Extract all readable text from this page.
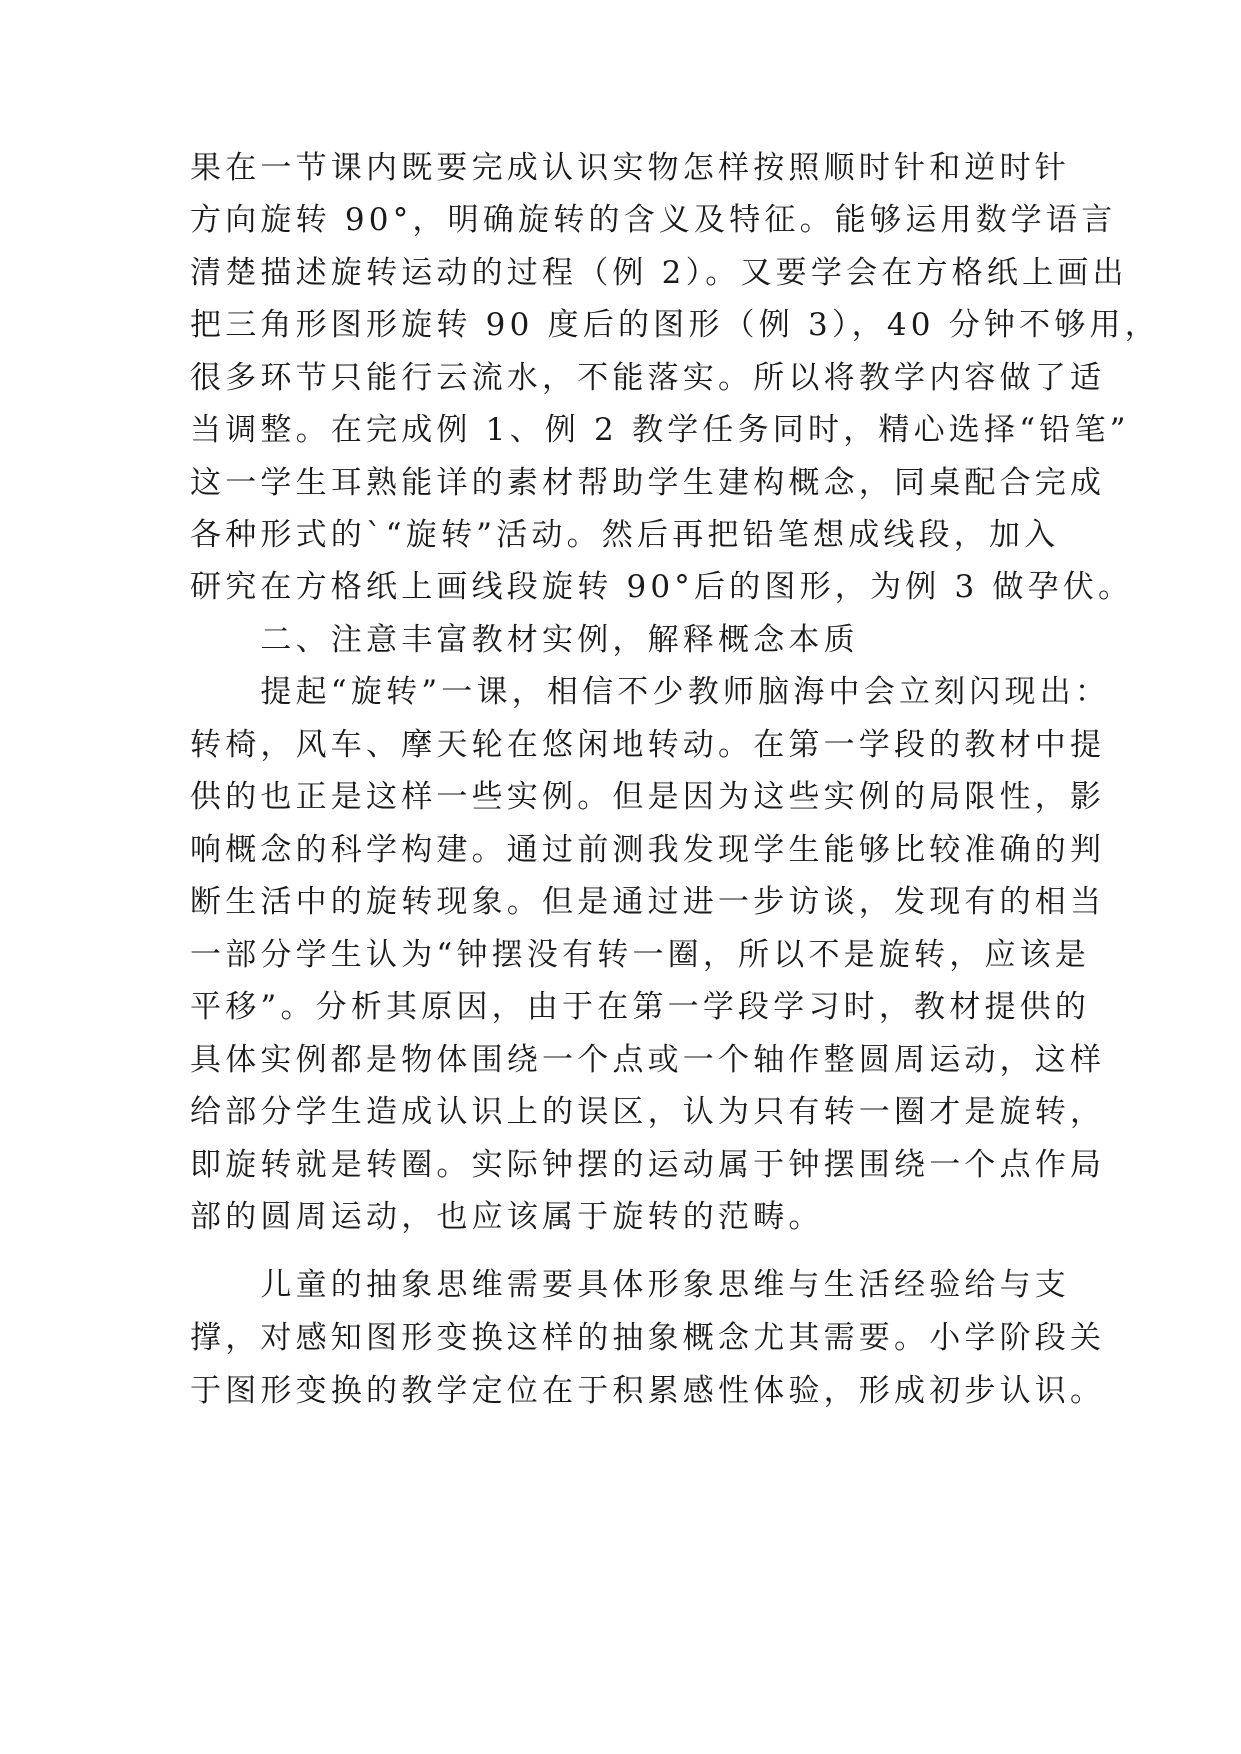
果在一节课内既要完成认识实物怎样按照顺时针和逆时针
方向旋转 90°，明确旋转的含义及特征。能够运用数学语言
清楚描述旋转运动的过程（例 2）。又要学会在方格纸上画出
把三角形图形旋转 90 度后的图形（例 3），40 分钟不够用，
很多环节只能行云流水，不能落实。所以将教学内容做了适
当调整。在完成例 1、例 2 教学任务同时，精心选择“铅笔”
这一学生耳熟能详的素材帮助学生建构概念，同桌配合完成
各种形式的`“旋转”活动。然后再把铅笔想成线段，加入
研究在方格纸上画线段旋转 90°后的图形，为例 3 做孕伏。
　　二、注意丰富教材实例，解释概念本质
　　提起“旋转”一课，相信不少教师脑海中会立刻闪现出：
转椅，风车、摩天轮在悠闲地转动。在第一学段的教材中提
供的也正是这样一些实例。但是因为这些实例的局限性，影
响概念的科学构建。通过前测我发现学生能够比较准确的判
断生活中的旋转现象。但是通过进一步访谈，发现有的相当
一部分学生认为“钟摆没有转一圈，所以不是旋转，应该是
平移”。分析其原因，由于在第一学段学习时，教材提供的
具体实例都是物体围绕一个点或一个轴作整圆周运动，这样
给部分学生造成认识上的误区，认为只有转一圈才是旋转，
即旋转就是转圈。实际钟摆的运动属于钟摆围绕一个点作局
部的圆周运动，也应该属于旋转的范畴。
　　儿童的抽象思维需要具体形象思维与生活经验给与支
撑，对感知图形变换这样的抽象概念尤其需要。小学阶段关
于图形变换的教学定位在于积累感性体验，形成初步认识。
